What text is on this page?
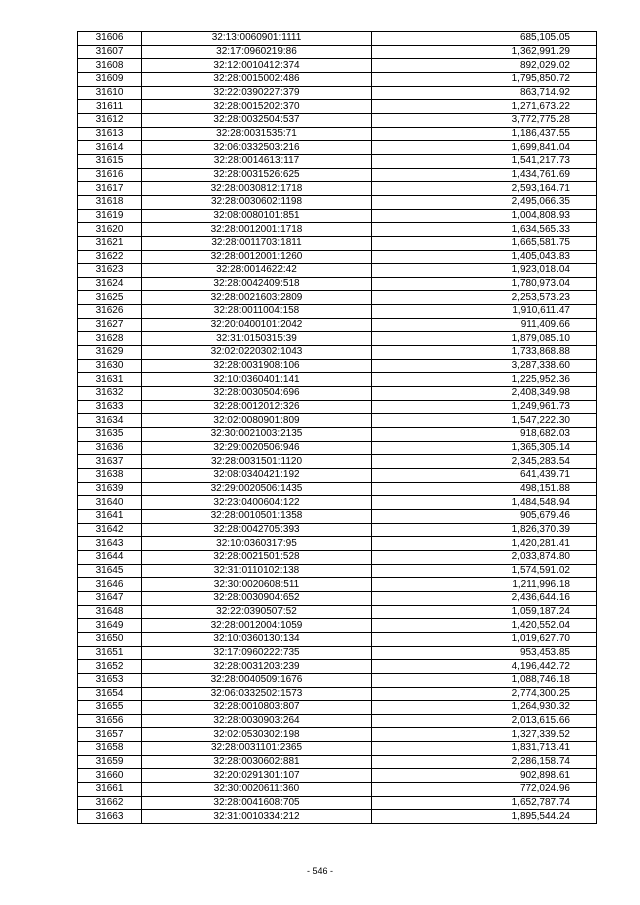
31606	32:13:0060901:1111	685,105.05
31607	32:17:0960219:86	1,362,991.29
31608	32:12:0010412:374	892,029.02
31609	32:28:0015002:486	1,795,850.72
31610	32:22:0390227:379	863,714.92
31611	32:28:0015202:370	1,271,673.22
31612	32:28:0032504:537	3,772,775.28
31613	32:28:0031535:71	1,186,437.55
31614	32:06:0332503:216	1,699,841.04
31615	32:28:0014613:117	1,541,217.73
31616	32:28:0031526:625	1,434,761.69
31617	32:28:0030812:1718	2,593,164.71
31618	32:28:0030602:1198	2,495,066.35
31619	32:08:0080101:851	1,004,808.93
31620	32:28:0012001:1718	1,634,565.33
31621	32:28:0011703:1811	1,665,581.75
31622	32:28:0012001:1260	1,405,043.83
31623	32:28:0014622:42	1,923,018.04
31624	32:28:0042409:518	1,780,973.04
31625	32:28:0021603:2809	2,253,573.23
31626	32:28:0011004:158	1,910,611.47
31627	32:20:0400101:2042	911,409.66
31628	32:31:0150315:39	1,879,085.10
31629	32:02:0220302:1043	1,733,868.88
31630	32:28:0031908:106	3,287,338.60
31631	32:10:0360401:141	1,225,952.36
31632	32:28:0030504:696	2,408,349.98
31633	32:28:0012012:326	1,249,961.73
31634	32:02:0080901:809	1,547,222.30
31635	32:30:0021003:2135	918,682.03
31636	32:29:0020506:946	1,365,305.14
31637	32:28:0031501:1120	2,345,283.54
31638	32:08:0340421:192	641,439.71
31639	32:29:0020506:1435	498,151.88
31640	32:23:0400604:122	1,484,548.94
31641	32:28:0010501:1358	905,679.46
31642	32:28:0042705:393	1,826,370.39
31643	32:10:0360317:95	1,420,281.41
31644	32:28:0021501:528	2,033,874.80
31645	32:31:0110102:138	1,574,591.02
31646	32:30:0020608:511	1,211,996.18
31647	32:28:0030904:652	2,436,644.16
31648	32:22:0390507:52	1,059,187.24
31649	32:28:0012004:1059	1,420,552.04
31650	32:10:0360130:134	1,019,627.70
31651	32:17:0960222:735	953,453.85
31652	32:28:0031203:239	4,196,442.72
31653	32:28:0040509:1676	1,088,746.18
31654	32:06:0332502:1573	2,774,300.25
31655	32:28:0010803:807	1,264,930.32
31656	32:28:0030903:264	2,013,615.66
31657	32:02:0530302:198	1,327,339.52
31658	32:28:0031101:2365	1,831,713.41
31659	32:28:0030602:881	2,286,158.74
31660	32:20:0291301:107	902,898.61
31661	32:30:0020611:360	772,024.96
31662	32:28:0041608:705	1,652,787.74
31663	32:31:0010334:212	1,895,544.24
- 546 -
